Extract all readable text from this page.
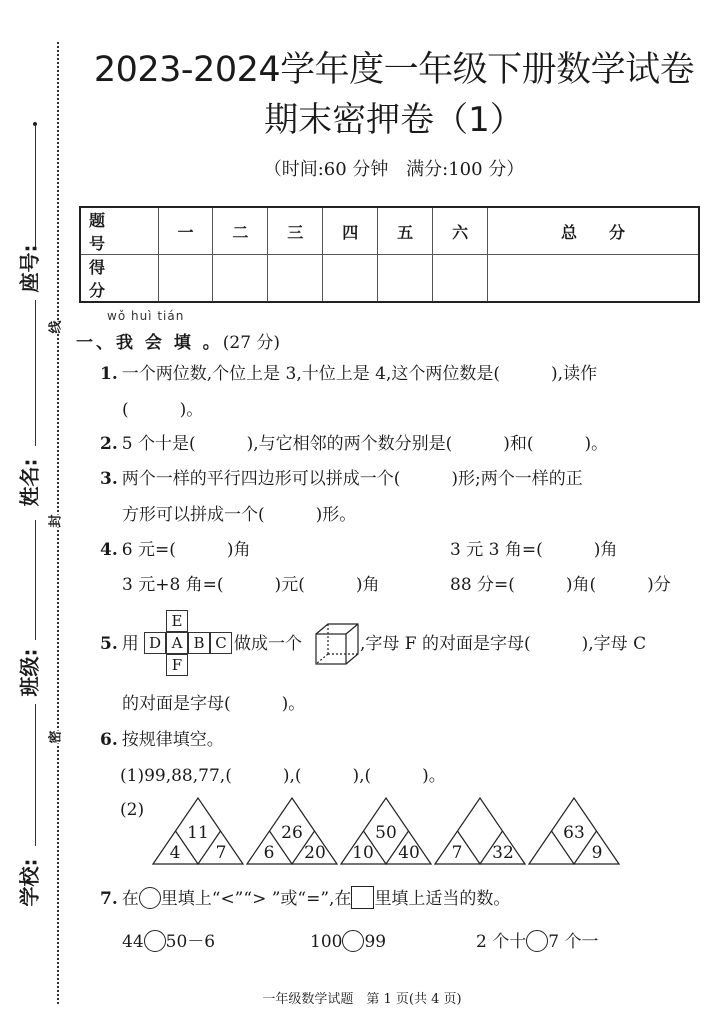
线
封
密
座号:
姓名:
班级:
学校:
2023-2024学年度一年级下册数学试卷
期末密押卷（1）
（时间:60 分钟 满分:100 分）
题　　号	一	二	三	四	五	六	总　　分
得　　分							
wǒ huì tián
一、我 会 填 。(27 分)
1. 一个两位数,个位上是 3,十位上是 4,这个两位数是(　　　),读作
(　　　)。
2. 5 个十是(　　　),与它相邻的两个数分别是(　　　)和(　　　)。
3. 两个一样的平行四边形可以拼成一个(　　　)形;两个一样的正
方形可以拼成一个(　　　)形。
4. 6 元=(　　　)角	3 元 3 角=(　　　)角
3 元+8 角=(　　　)元(　　　)角	88 分=(　　　)角(　　　)分
5. 用
E
D A B C
F
做成一个	,字母 F 的对面是字母(　　　),字母 C
的对面是字母(　　　)。
6. 按规律填空。
(1)99,88,77,(　　　),(　　　),(　　　)。
(2)
11
4	7
26
6	20
50
10 40	7	32
63
9
7. 在 里填上“<”“> ”或“=”,在 里填上适当的数。
44 50－6	100 99	2 个十 7 个一
一年级数学试题　第 1 页(共 4 页)
